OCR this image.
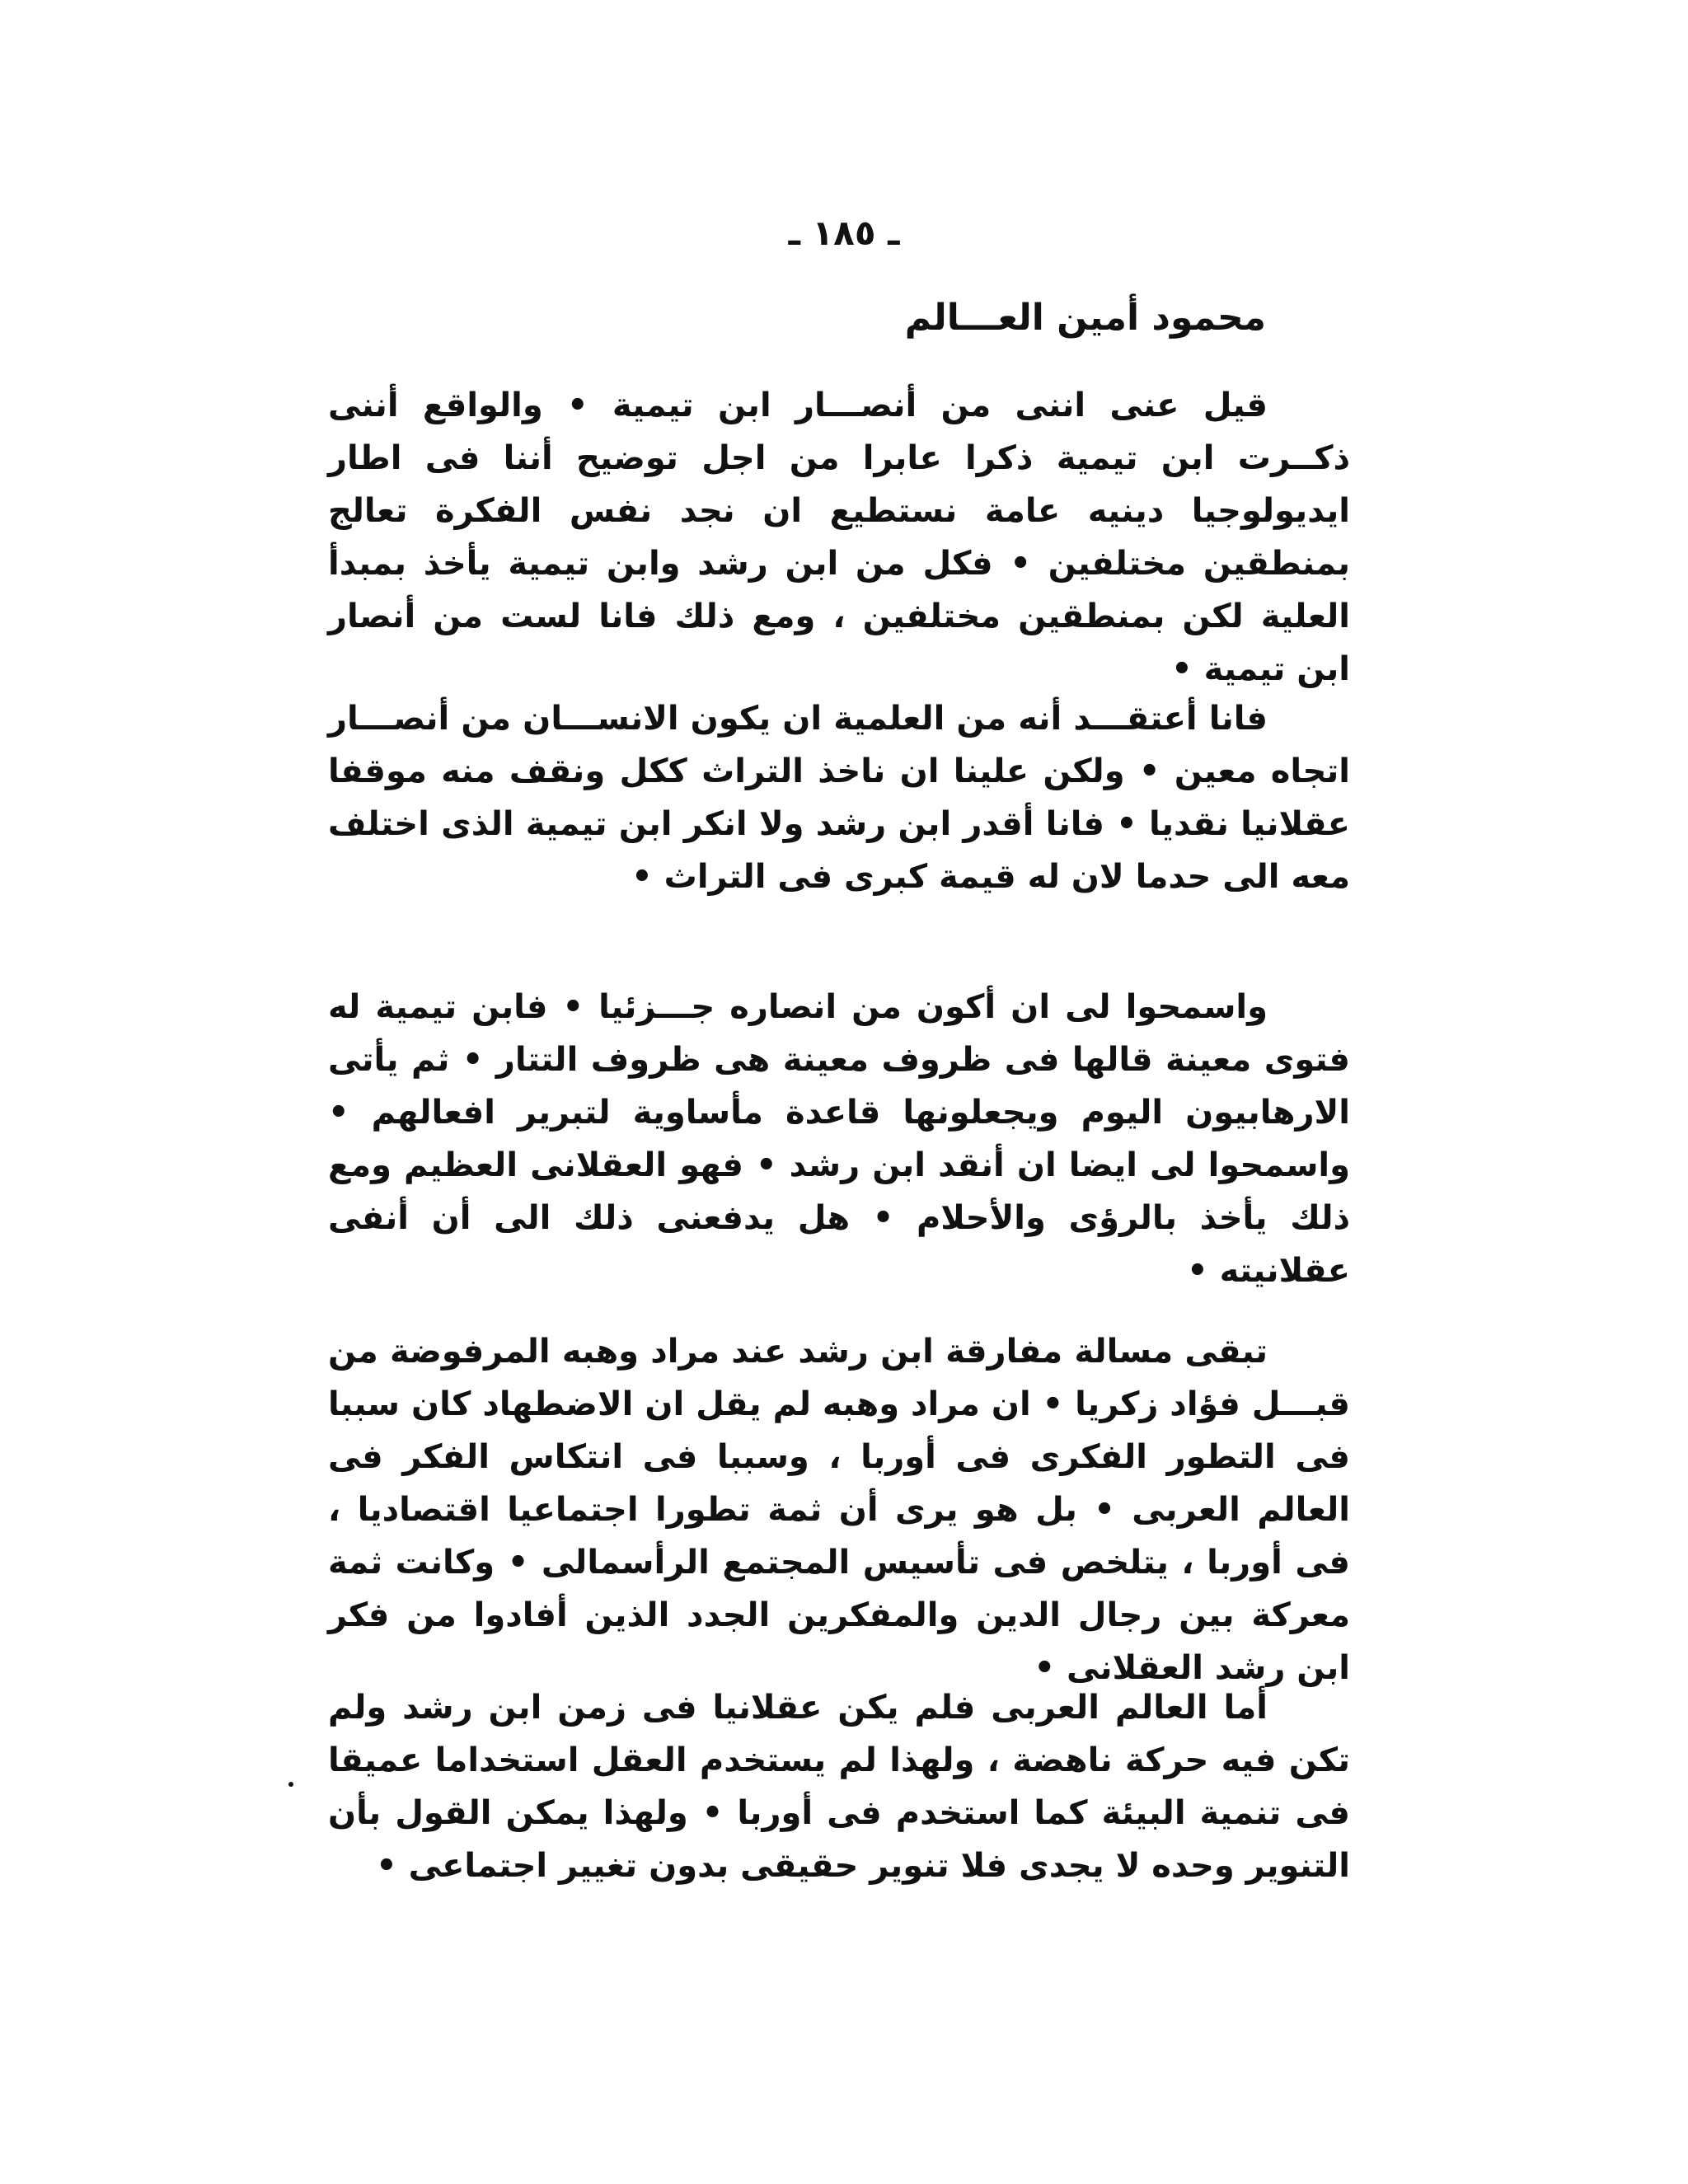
ـ ١٨٥ ـ
محمود أمين العـــالم

قيل عنى اننى من أنصـــار ابن تيمية • والواقع أننى ذكــرت ابن تيمية ذكرا عابرا من اجل توضيح أننا فى اطار ايديولوجيا دينيه عامة نستطيع ان نجد نفس الفكرة تعالج بمنطقين مختلفين • فكل من ابن رشد وابن تيمية يأخذ بمبدأ العلية لكن بمنطقين مختلفين ، ومع ذلك فانا لست من أنصار ابن تيمية •

فانا أعتقـــد أنه من العلمية ان يكون الانســـان من أنصـــار اتجاه معين • ولكن علينا ان ناخذ التراث ككل ونقف منه موقفا عقلانيا نقديا • فانا أقدر ابن رشد ولا انكر ابن تيمية الذى اختلف معه الى حدما لان له قيمة كبرى فى التراث •

واسمحوا لى ان أكون من انصاره جـــزئيا • فابن تيمية له فتوى معينة قالها فى ظروف معينة هى ظروف التتار • ثم يأتى الارهابيون اليوم ويجعلونها قاعدة مأساوية لتبرير افعالهم • واسمحوا لى ايضا ان أنقد ابن رشد • فهو العقلانى العظيم ومع ذلك يأخذ بالرؤى والأحلام • هل يدفعنى ذلك الى أن أنفى عقلانيته •

تبقى مسالة مفارقة ابن رشد عند مراد وهبه المرفوضة من قبـــل فؤاد زكريا • ان مراد وهبه لم يقل ان الاضطهاد كان سببا فى التطور الفكرى فى أوربا ، وسببا فى انتكاس الفكر فى العالم العربى • بل هو يرى أن ثمة تطورا اجتماعيا اقتصاديا ، فى أوربا ، يتلخص فى تأسيس المجتمع الرأسمالى • وكانت ثمة معركة بين رجال الدين والمفكرين الجدد الذين أفادوا من فكر ابن رشد العقلانى •

أما العالم العربى فلم يكن عقلانيا فى زمن ابن رشد ولم تكن فيه حركة ناهضة ، ولهذا لم يستخدم العقل استخداما عميقا فى تنمية البيئة كما استخدم فى أوربا • ولهذا يمكن القول بأن التنوير وحده لا يجدى فلا تنوير حقيقى بدون تغيير اجتماعى •
